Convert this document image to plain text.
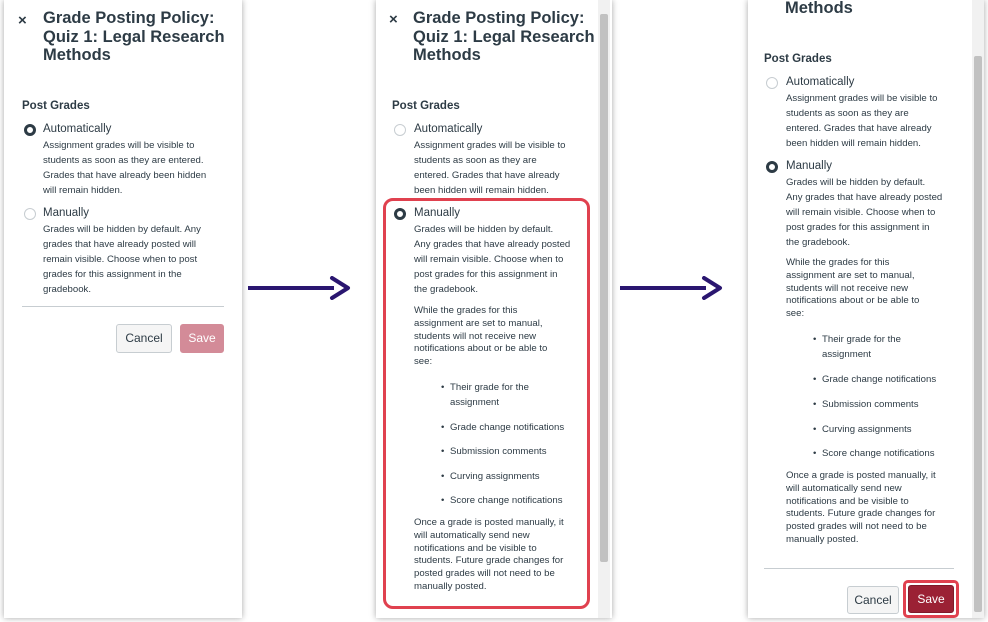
× Grade Posting Policy:
Quiz 1: Legal Research
Methods
Post Grades
Automatically
Assignment grades will be visible to
students as soon as they are entered.
Grades that have already been hidden
will remain hidden.
Manually
Grades will be hidden by default. Any
grades that have already posted will
remain visible. Choose when to post
grades for this assignment in the
gradebook.
Cancel	Save
× Grade Posting Policy:
Quiz 1: Legal Research
Methods
Post Grades
Automatically
Assignment grades will be visible to
students as soon as they are
entered. Grades that have already
been hidden will remain hidden.
Manually
Grades will be hidden by default.
Any grades that have already posted
will remain visible. Choose when to
post grades for this assignment in
the gradebook.
While the grades for this
assignment are set to manual,
students will not receive new
notifications about or be able to
see:
• Their grade for the
assignment
• Grade change notifications
• Submission comments
• Curving assignments
• Score change notifications
Once a grade is posted manually, it
will automatically send new
notifications and be visible to
students. Future grade changes for
posted grades will not need to be
manually posted.
Methods
Post Grades
Automatically
Assignment grades will be visible to
students as soon as they are
entered. Grades that have already
been hidden will remain hidden.
Manually
Grades will be hidden by default.
Any grades that have already posted
will remain visible. Choose when to
post grades for this assignment in
the gradebook.
While the grades for this
assignment are set to manual,
students will not receive new
notifications about or be able to
see:
• Their grade for the
assignment
• Grade change notifications
• Submission comments
• Curving assignments
• Score change notifications
Once a grade is posted manually, it
will automatically send new
notifications and be visible to
students. Future grade changes for
posted grades will not need to be
manually posted.
Cancel	Save
